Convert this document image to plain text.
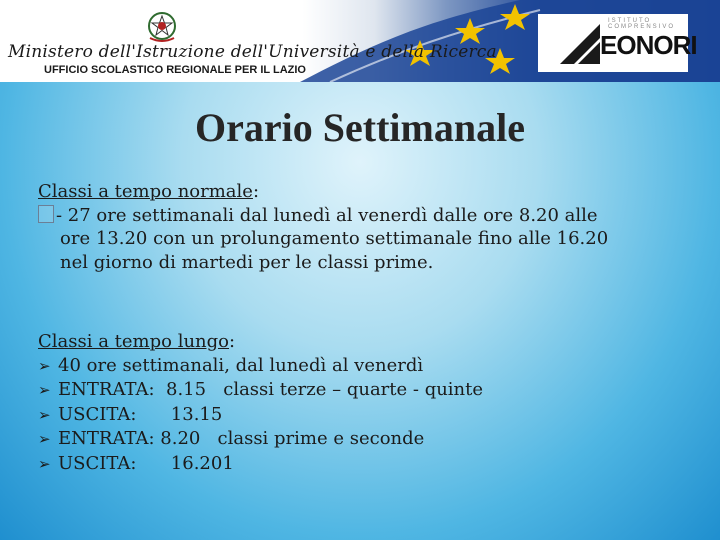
Ministero dell'Istruzione dell'Università e della Ricerca
UFFICIO SCOLASTICO REGIONALE PER IL LAZIO
ISTITUTO COMPRENSIVO
EONORI
Orario Settimanale

Classi a tempo normale:

- 27 ore settimanali dal lunedì al venerdì dalle ore 8.20 alle
ore 13.20 con un prolungamento settimanale fino alle 16.20
nel giorno di martedi per le classi prime.

Classi a tempo lungo:

➢ 40 ore settimanali, dal lunedì al venerdì

➢ ENTRATA:  8.15   classi terze – quarte - quinte

➢ USCITA:      13.15

➢ ENTRATA: 8.20   classi prime e seconde

➢ USCITA:      16.201
